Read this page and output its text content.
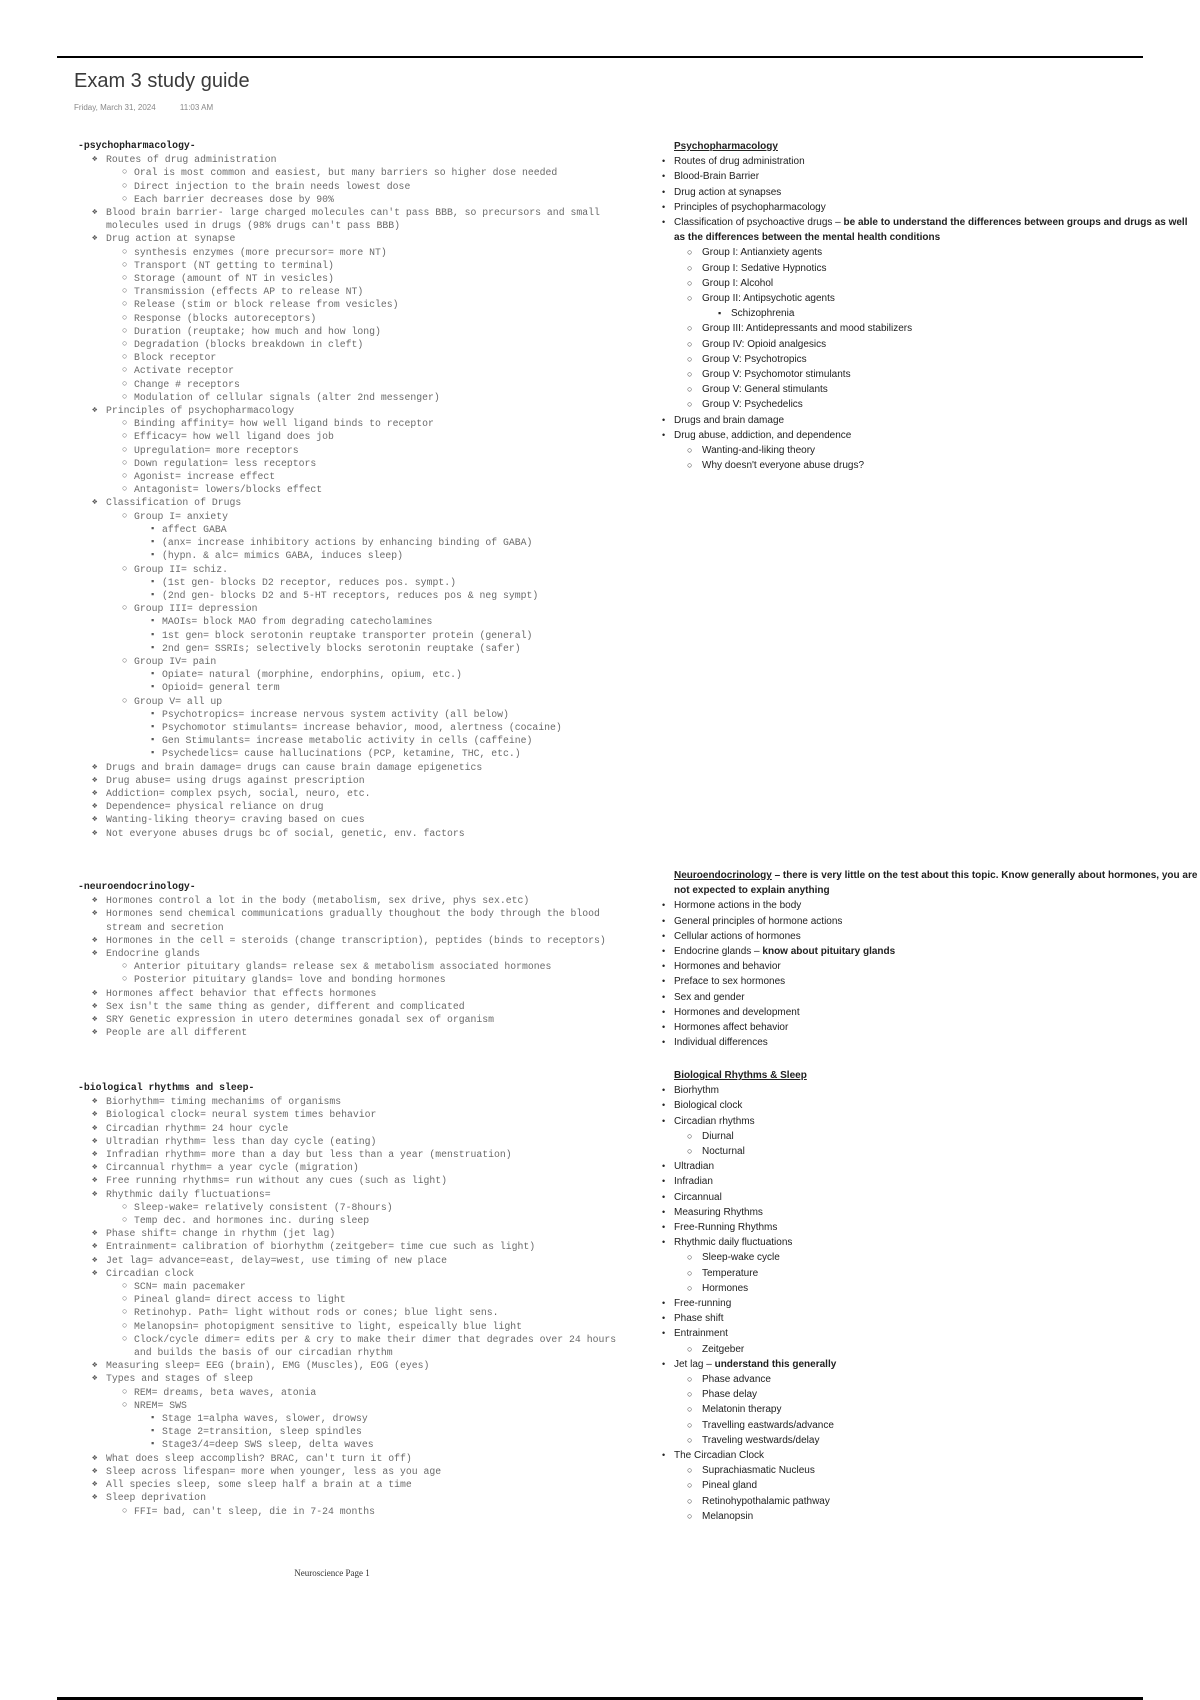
Exam 3 study guide
Friday, March 31, 2024	11:03 AM
-psychopharmacology-
❖ Routes of drug administration
○ Oral is most common and easiest, but many barriers so higher dose needed
○ Direct injection to the brain needs lowest dose
○ Each barrier decreases dose by 90%
❖ Blood brain barrier- large charged molecules can't pass BBB, so precursors and small molecules used in drugs (98% drugs can't pass BBB)
❖ Drug action at synapse
○ synthesis enzymes (more precursor= more NT)
○ Transport (NT getting to terminal)
○ Storage (amount of NT in vesicles)
○ Transmission (effects AP to release NT)
○ Release (stim or block release from vesicles)
○ Response (blocks autoreceptors)
○ Duration (reuptake; how much and how long)
○ Degradation (blocks breakdown in cleft)
○ Block receptor
○ Activate receptor
○ Change # receptors
○ Modulation of cellular signals (alter 2nd messenger)
❖ Principles of psychopharmacology
○ Binding affinity= how well ligand binds to receptor
○ Efficacy= how well ligand does job
○ Upregulation= more receptors
○ Down regulation= less receptors
○ Agonist= increase effect
○ Antagonist= lowers/blocks effect
❖ Classification of Drugs
○ Group I= anxiety
▪ affect GABA
▪ (anx= increase inhibitory actions by enhancing binding of GABA)
▪ (hypn. & alc= mimics GABA, induces sleep)
○ Group II= schiz.
▪ (1st gen- blocks D2 receptor, reduces pos. sympt.)
▪ (2nd gen- blocks D2 and 5-HT receptors, reduces pos & neg sympt)
○ Group III= depression
▪ MAOIs= block MAO from degrading catecholamines
▪ 1st gen= block serotonin reuptake transporter protein (general)
▪ 2nd gen= SSRIs; selectively blocks serotonin reuptake (safer)
○ Group IV= pain
▪ Opiate= natural (morphine, endorphins, opium, etc.)
▪ Opioid= general term
○ Group V= all up
▪ Psychotropics= increase nervous system activity (all below)
▪ Psychomotor stimulants= increase behavior, mood, alertness (cocaine)
▪ Gen Stimulants= increase metabolic activity in cells (caffeine)
▪ Psychedelics= cause hallucinations (PCP, ketamine, THC, etc.)
❖ Drugs and brain damage= drugs can cause brain damage epigenetics
❖ Drug abuse= using drugs against prescription
❖ Addiction= complex psych, social, neuro, etc.
❖ Dependence= physical reliance on drug
❖ Wanting-liking theory= craving based on cues
❖ Not everyone abuses drugs bc of social, genetic, env. factors
-neuroendocrinology-
❖ Hormones control a lot in the body (metabolism, sex drive, phys sex.etc)
❖ Hormones send chemical communications gradually thoughout the body through the blood stream and secretion
❖ Hormones in the cell = steroids (change transcription), peptides (binds to receptors)
❖ Endocrine glands
○ Anterior pituitary glands= release sex & metabolism associated hormones
○ Posterior pituitary glands= love and bonding hormones
❖ Hormones affect behavior that effects hormones
❖ Sex isn't the same thing as gender, different and complicated
❖ SRY Genetic expression in utero determines gonadal sex of organism
❖ People are all different
-biological rhythms and sleep-
❖ Biorhythm= timing mechanims of organisms
❖ Biological clock= neural system times behavior
❖ Circadian rhythm= 24 hour cycle
❖ Ultradian rhythm= less than day cycle (eating)
❖ Infradian rhythm= more than a day but less than a year (menstruation)
❖ Circannual rhythm= a year cycle (migration)
❖ Free running rhythms= run without any cues (such as light)
❖ Rhythmic daily fluctuations=
○ Sleep-wake= relatively consistent (7-8hours)
○ Temp dec. and hormones inc. during sleep
❖ Phase shift= change in rhythm (jet lag)
❖ Entrainment= calibration of biorhythm (zeitgeber= time cue such as light)
❖ Jet lag= advance=east, delay=west, use timing of new place
❖ Circadian clock
○ SCN= main pacemaker
○ Pineal gland= direct access to light
○ Retinohyp. Path= light without rods or cones; blue light sens.
○ Melanopsin= photopigment sensitive to light, espeically blue light
○ Clock/cycle dimer= edits per & cry to make their dimer that degrades over 24 hours and builds the basis of our circadian rhythm
❖ Measuring sleep= EEG (brain), EMG (Muscles), EOG (eyes)
❖ Types and stages of sleep
○ REM= dreams, beta waves, atonia
○ NREM= SWS
▪ Stage 1=alpha waves, slower, drowsy
▪ Stage 2=transition, sleep spindles
▪ Stage3/4=deep SWS sleep, delta waves
❖ What does sleep accomplish? BRAC, can't turn it off)
❖ Sleep across lifespan= more when younger, less as you age
❖ All species sleep, some sleep half a brain at a time
❖ Sleep deprivation
○ FFI= bad, can't sleep, die in 7-24 months
Psychopharmacology
• Routes of drug administration
• Blood-Brain Barrier
• Drug action at synapses
• Principles of psychopharmacology
• Classification of psychoactive drugs – be able to understand the differences between groups and drugs as well as the differences between the mental health conditions
○ Group I: Antianxiety agents
○ Group I: Sedative Hypnotics
○ Group I: Alcohol
○ Group II: Antipsychotic agents
▪ Schizophrenia
○ Group III: Antidepressants and mood stabilizers
○ Group IV: Opioid analgesics
○ Group V: Psychotropics
○ Group V: Psychomotor stimulants
○ Group V: General stimulants
○ Group V: Psychedelics
• Drugs and brain damage
• Drug abuse, addiction, and dependence
○ Wanting-and-liking theory
○ Why doesn't everyone abuse drugs?
Neuroendocrinology – there is very little on the test about this topic. Know generally about hormones, you are not expected to explain anything
• Hormone actions in the body
• General principles of hormone actions
• Cellular actions of hormones
• Endocrine glands – know about pituitary glands
• Hormones and behavior
• Preface to sex hormones
• Sex and gender
• Hormones and development
• Hormones affect behavior
• Individual differences
Biological Rhythms & Sleep
• Biorhythm
• Biological clock
• Circadian rhythms
○ Diurnal
○ Nocturnal
• Ultradian
• Infradian
• Circannual
• Measuring Rhythms
• Free-Running Rhythms
• Rhythmic daily fluctuations
○ Sleep-wake cycle
○ Temperature
○ Hormones
• Free-running
• Phase shift
• Entrainment
○ Zeitgeber
• Jet lag – understand this generally
○ Phase advance
○ Phase delay
○ Melatonin therapy
○ Travelling eastwards/advance
○ Traveling westwards/delay
• The Circadian Clock
○ Suprachiasmatic Nucleus
○ Pineal gland
○ Retinohypothalamic pathway
○ Melanopsin
Neuroscience Page 1
